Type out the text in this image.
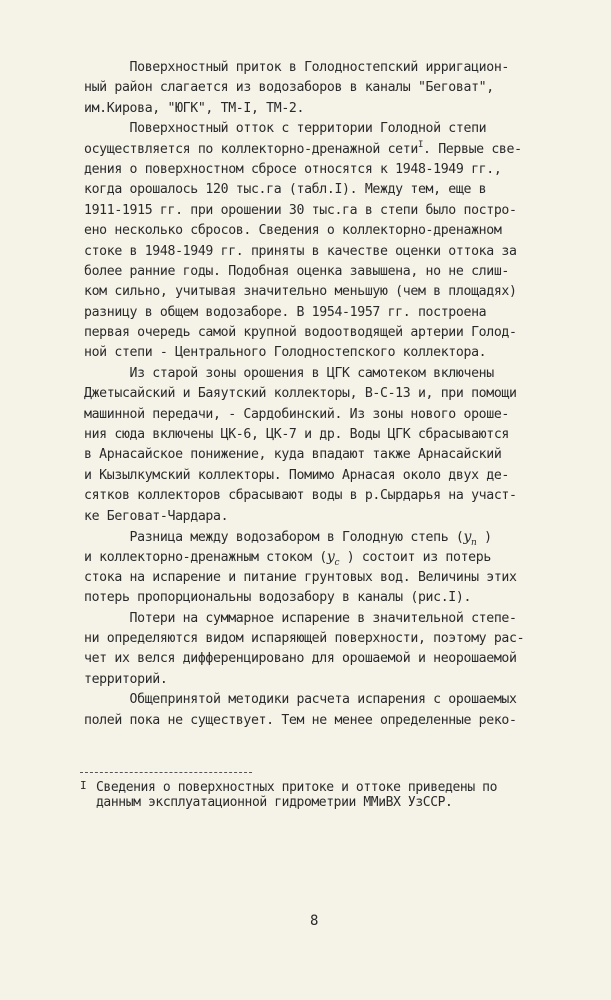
Поверхностный приток в Голодностепский ирригацион-
ный район слагается из водозаборов в каналы "Беговат",
им.Кирова, "ЮГК", ТМ-I, ТМ-2.
Поверхностный отток с территории Голодной степи
осуществляется по коллекторно-дренажной сети$^I$. Первые све-
дения о поверхностном сбросе относятся к 1948-1949 гг.,
когда орошалось 120 тыс.га (табл.I). Между тем, еще в
1911-1915 гг. при орошении 30 тыс.га в степи было постро-
ено несколько сбросов. Сведения о коллекторно-дренажном
стоке в 1948-1949 гг. приняты в качестве оценки оттока за
более ранние годы. Подобная оценка завышена, но не слиш-
ком сильно, учитывая значительно меньшую (чем в площадях)
разницу в общем водозаборе. В 1954-1957 гг. построена
первая очередь самой крупной водоотводящей артерии Голод-
ной степи - Центрального Голодностепского коллектора.
Из старой зоны орошения в ЦГК самотеком включены
Джетысайский и Баяутский коллекторы, В-С-13 и, при помощи
машинной передачи, - Сардобинский. Из зоны нового ороше-
ния сюда включены ЦК-6, ЦК-7 и др. Воды ЦГК сбрасываются
в Арнасайское понижение, куда впадают также Арнасайский
и Кызылкумский коллекторы. Помимо Арнасая около двух де-
сятков коллекторов сбрасывают воды в р.Сырдарья на участ-
ке Беговат-Чардара.
Разница между водозабором в Голодную степь ($y_п$ )
и коллекторно-дренажным стоком ($y_с$ ) состоит из потерь
стока на испарение и питание грунтовых вод. Величины этих
потерь пропорциональны водозабору в каналы (рис.I).
Потери на суммарное испарение в значительной степе-
ни определяются видом испаряющей поверхности, поэтому рас-
чет их велся дифференцировано для орошаемой и неорошаемой
территорий.
Общепринятой методики расчета испарения с орошаемых
полей пока не существует. Тем не менее определенные реко-
I Сведения о поверхностных притоке и оттоке приведены по
данным эксплуатационной гидрометрии ММиВХ УзССР.
8
